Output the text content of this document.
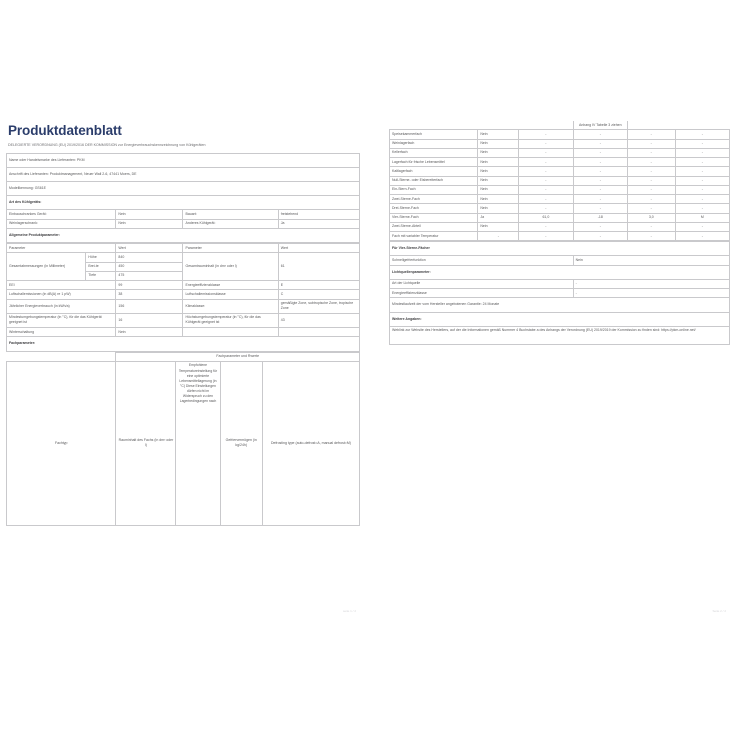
Produktdatenblatt
DELEGIERTE VERORDNUNG (EU) 2019/2016 DER KOMMISSION zur Energieverbrauchskennzeichnung von Kühlgeräten
Name oder Handelsmarke des Lieferanten: PKM			
Anschrift des Lieferanten: Produktmanagement, Neuer Wall 2-6, 47441 Moers, DE			
Modellkennung: GS61E			
Art des Kühlgeräts:			
Einbauschrankes Gerät:	Nein	Bauart:	freistehend
Weinlagerschrank:	Nein	Anderes Kühlgerät:	Ja
Allgemeine Produktparameter:			
Parameter		Wert	Parameter	Wert
Gesamtabmessungen (in Millimeter)	Höhe	840	Gesamtrauminhalt (in dm³ oder l)	61
	Brei-te	450		
	Tiefe	475		
EEI		99	Energieeffizienzklasse	E
Luftschallemissionen (in dB(A) re 1 pW)		38	Luftschallemissionsklasse	C
Jährlicher Energieverbrauch (in kWh/a)		156	Klimaklasse:	gemäßigte Zone, subtropische Zone, tropische Zone
Mindestumgebungstemperatur (in °C), für die das Kühlgerät geeignet ist		16	Höchstumgebungstemperatur (in °C), für die das Kühlgerät geeignet ist	43
Winterschaltung		Nein		
Fachparameter:				
	Fachparameter und Rwerte			
Fachtyp	Rauminhalt des Fachs (in dm³ oder l)	Empfohlene Temperatureinstellung für eine optimierte Lebensmittellagerung (in °C) Diese Einstellungen dürfen nicht im Widerspruch zu den Lagerbedingungen nach	Gefriervermögen (in kg/24h)	Defrosting type (auto-defrost=A, manual defrost=M)
seite 1 / 2
			Anhang IV Tabelle 3 ziehen		
Speisekammerfach	Nein	-	-	-	-
Weinlagerfach	Nein	-	-	-	-
Kellerfach	Nein	-	-	-	-
Lagerfach für frische Lebensmittel	Nein	-	-	-	-
Kaltlagerfach	Nein	-	-	-	-
Null-Sterne- oder Eisbereiterfach	Nein	-	-	-	-
Ein-Stern-Fach	Nein	-	-	-	-
Zwei-Sterne-Fach	Nein	-	-	-	-
Drei-Sterne-Fach	Nein	-	-	-	-
Vier-Sterne-Fach	Ja	61,0	-18	3,0	M
Zwei-Sterne-Abteil	Nein	-	-	-	-
Fach mit variabler Temperatur	-	-	-	-	-
Für Vier-Sterne-Fächer	
Schnellgefrierfunktion	Nein
Lichtquellenparameter:	
Art der Lichtquelle	-
Energieeffizienzklasse	-
Mindestlaufzeit der vom Hersteller angebotenen Garantie: 24 Monate	
Weitere Angaben:	
Weblink zur Website des Herstellers, auf der die Informationen gemäß Nummer 4 Buchstabe a des Anhangs der Verordnung (EU) 2019/2019 der Kommission zu finden sind: https://pkm-online.net/	
Seite 2 / 2
